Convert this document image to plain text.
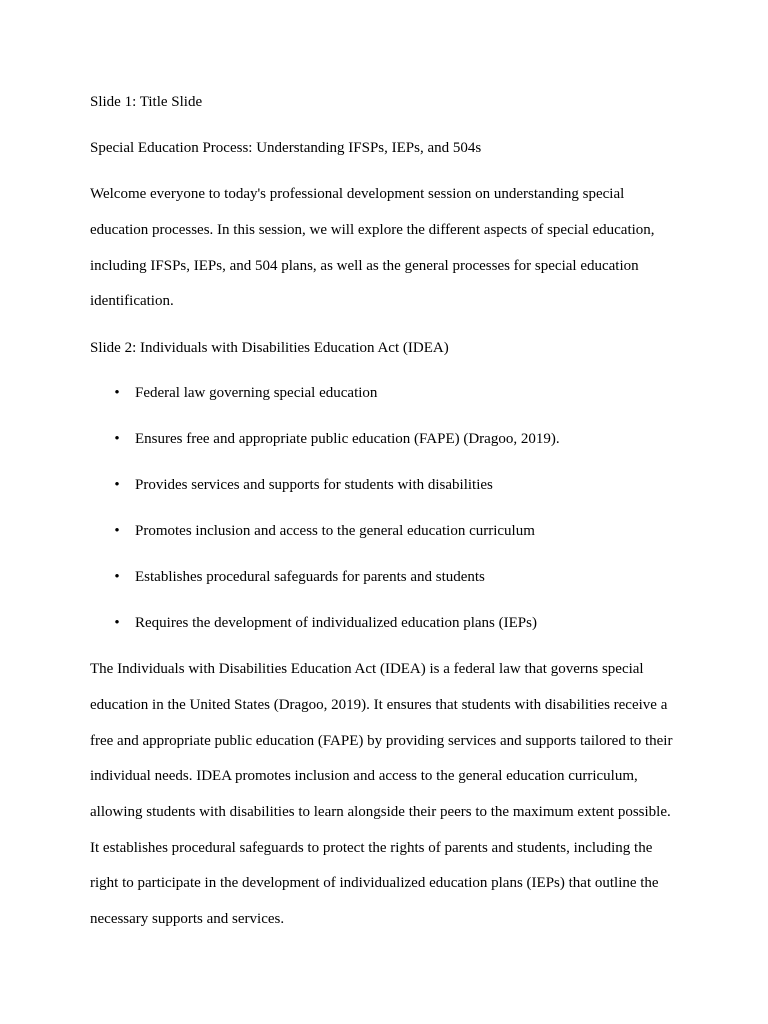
Slide 1: Title Slide
Special Education Process: Understanding IFSPs, IEPs, and 504s
Welcome everyone to today's professional development session on understanding special
education processes. In this session, we will explore the different aspects of special education,
including IFSPs, IEPs, and 504 plans, as well as the general processes for special education
identification.
Slide 2: Individuals with Disabilities Education Act (IDEA)
• Federal law governing special education
• Ensures free and appropriate public education (FAPE) (Dragoo, 2019).
• Provides services and supports for students with disabilities
• Promotes inclusion and access to the general education curriculum
• Establishes procedural safeguards for parents and students
• Requires the development of individualized education plans (IEPs)
The Individuals with Disabilities Education Act (IDEA) is a federal law that governs special
education in the United States (Dragoo, 2019). It ensures that students with disabilities receive a
free and appropriate public education (FAPE) by providing services and supports tailored to their
individual needs. IDEA promotes inclusion and access to the general education curriculum,
allowing students with disabilities to learn alongside their peers to the maximum extent possible.
It establishes procedural safeguards to protect the rights of parents and students, including the
right to participate in the development of individualized education plans (IEPs) that outline the
necessary supports and services.
